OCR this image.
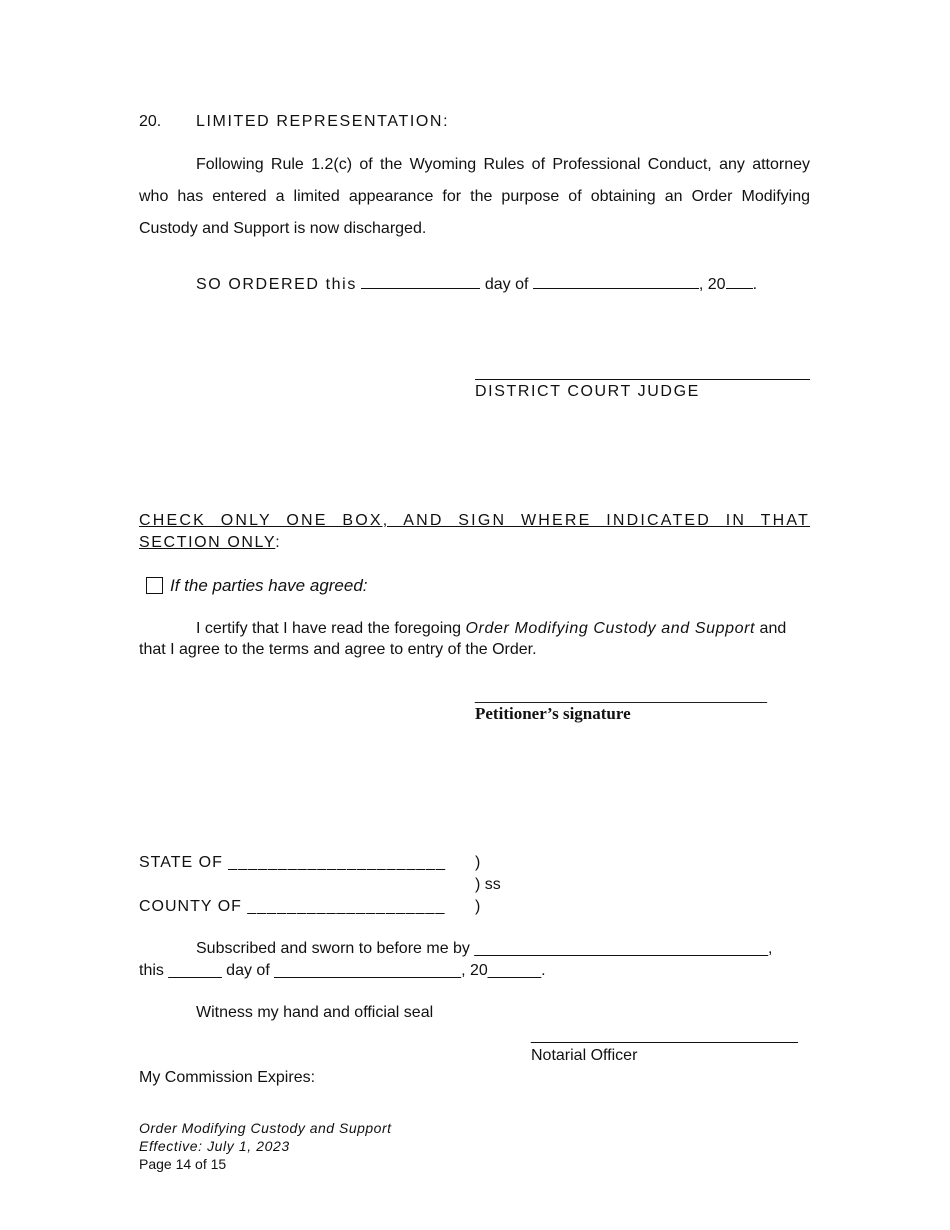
20. LIMITED REPRESENTATION:
Following Rule 1.2(c) of the Wyoming Rules of Professional Conduct, any attorney who has entered a limited appearance for the purpose of obtaining an Order Modifying Custody and Support is now discharged.
SO ORDERED this	day of	, 20 .
DISTRICT COURT JUDGE
CHECK ONLY ONE BOX, AND SIGN WHERE INDICATED IN THAT
SECTION ONLY:
If the parties have agreed:
I certify that I have read the foregoing Order Modifying Custody and Support and
that I agree to the terms and agree to entry of the Order.
___________________________________
Petitioner’s signature
STATE OF ______________________ )
) ss
COUNTY OF ____________________ )
Subscribed and sworn to before me by _________________________________,
this ______ day of _____________________, 20______.
Witness my hand and official seal
______________________________
Notarial Officer
My Commission Expires:
Order Modifying Custody and Support
Effective: July 1, 2023
Page 14 of 15
